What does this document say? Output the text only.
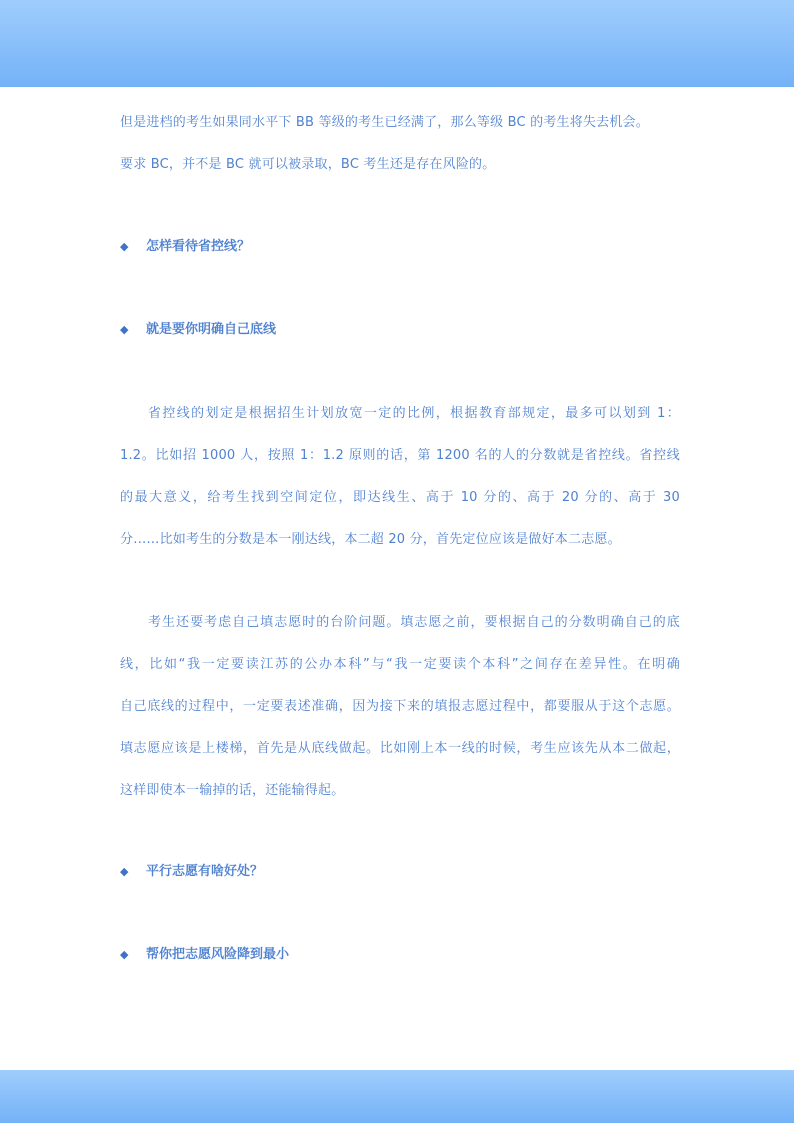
但是进档的考生如果同水平下 BB 等级的考生已经满了，那么等级 BC 的考生将失去机会。
要求 BC，并不是 BC 就可以被录取，BC 考生还是存在风险的。
◆ 怎样看待省控线？
◆ 就是要你明确自己底线
省控线的划定是根据招生计划放宽一定的比例，根据教育部规定，最多可以划到 1：
1.2。比如招 1000 人，按照 1：1.2 原则的话，第 1200 名的人的分数就是省控线。省控线
的最大意义，给考生找到空间定位，即达线生、高于 10 分的、高于 20 分的、高于 30
分……比如考生的分数是本一刚达线，本二超 20 分，首先定位应该是做好本二志愿。
考生还要考虑自己填志愿时的台阶问题。填志愿之前，要根据自己的分数明确自己的底
线，比如“我一定要读江苏的公办本科”与“我一定要读个本科”之间存在差异性。在明确
自己底线的过程中，一定要表述准确，因为接下来的填报志愿过程中，都要服从于这个志愿。
填志愿应该是上楼梯，首先是从底线做起。比如刚上本一线的时候，考生应该先从本二做起，
这样即使本一输掉的话，还能输得起。
◆ 平行志愿有啥好处？
◆ 帮你把志愿风险降到最小
